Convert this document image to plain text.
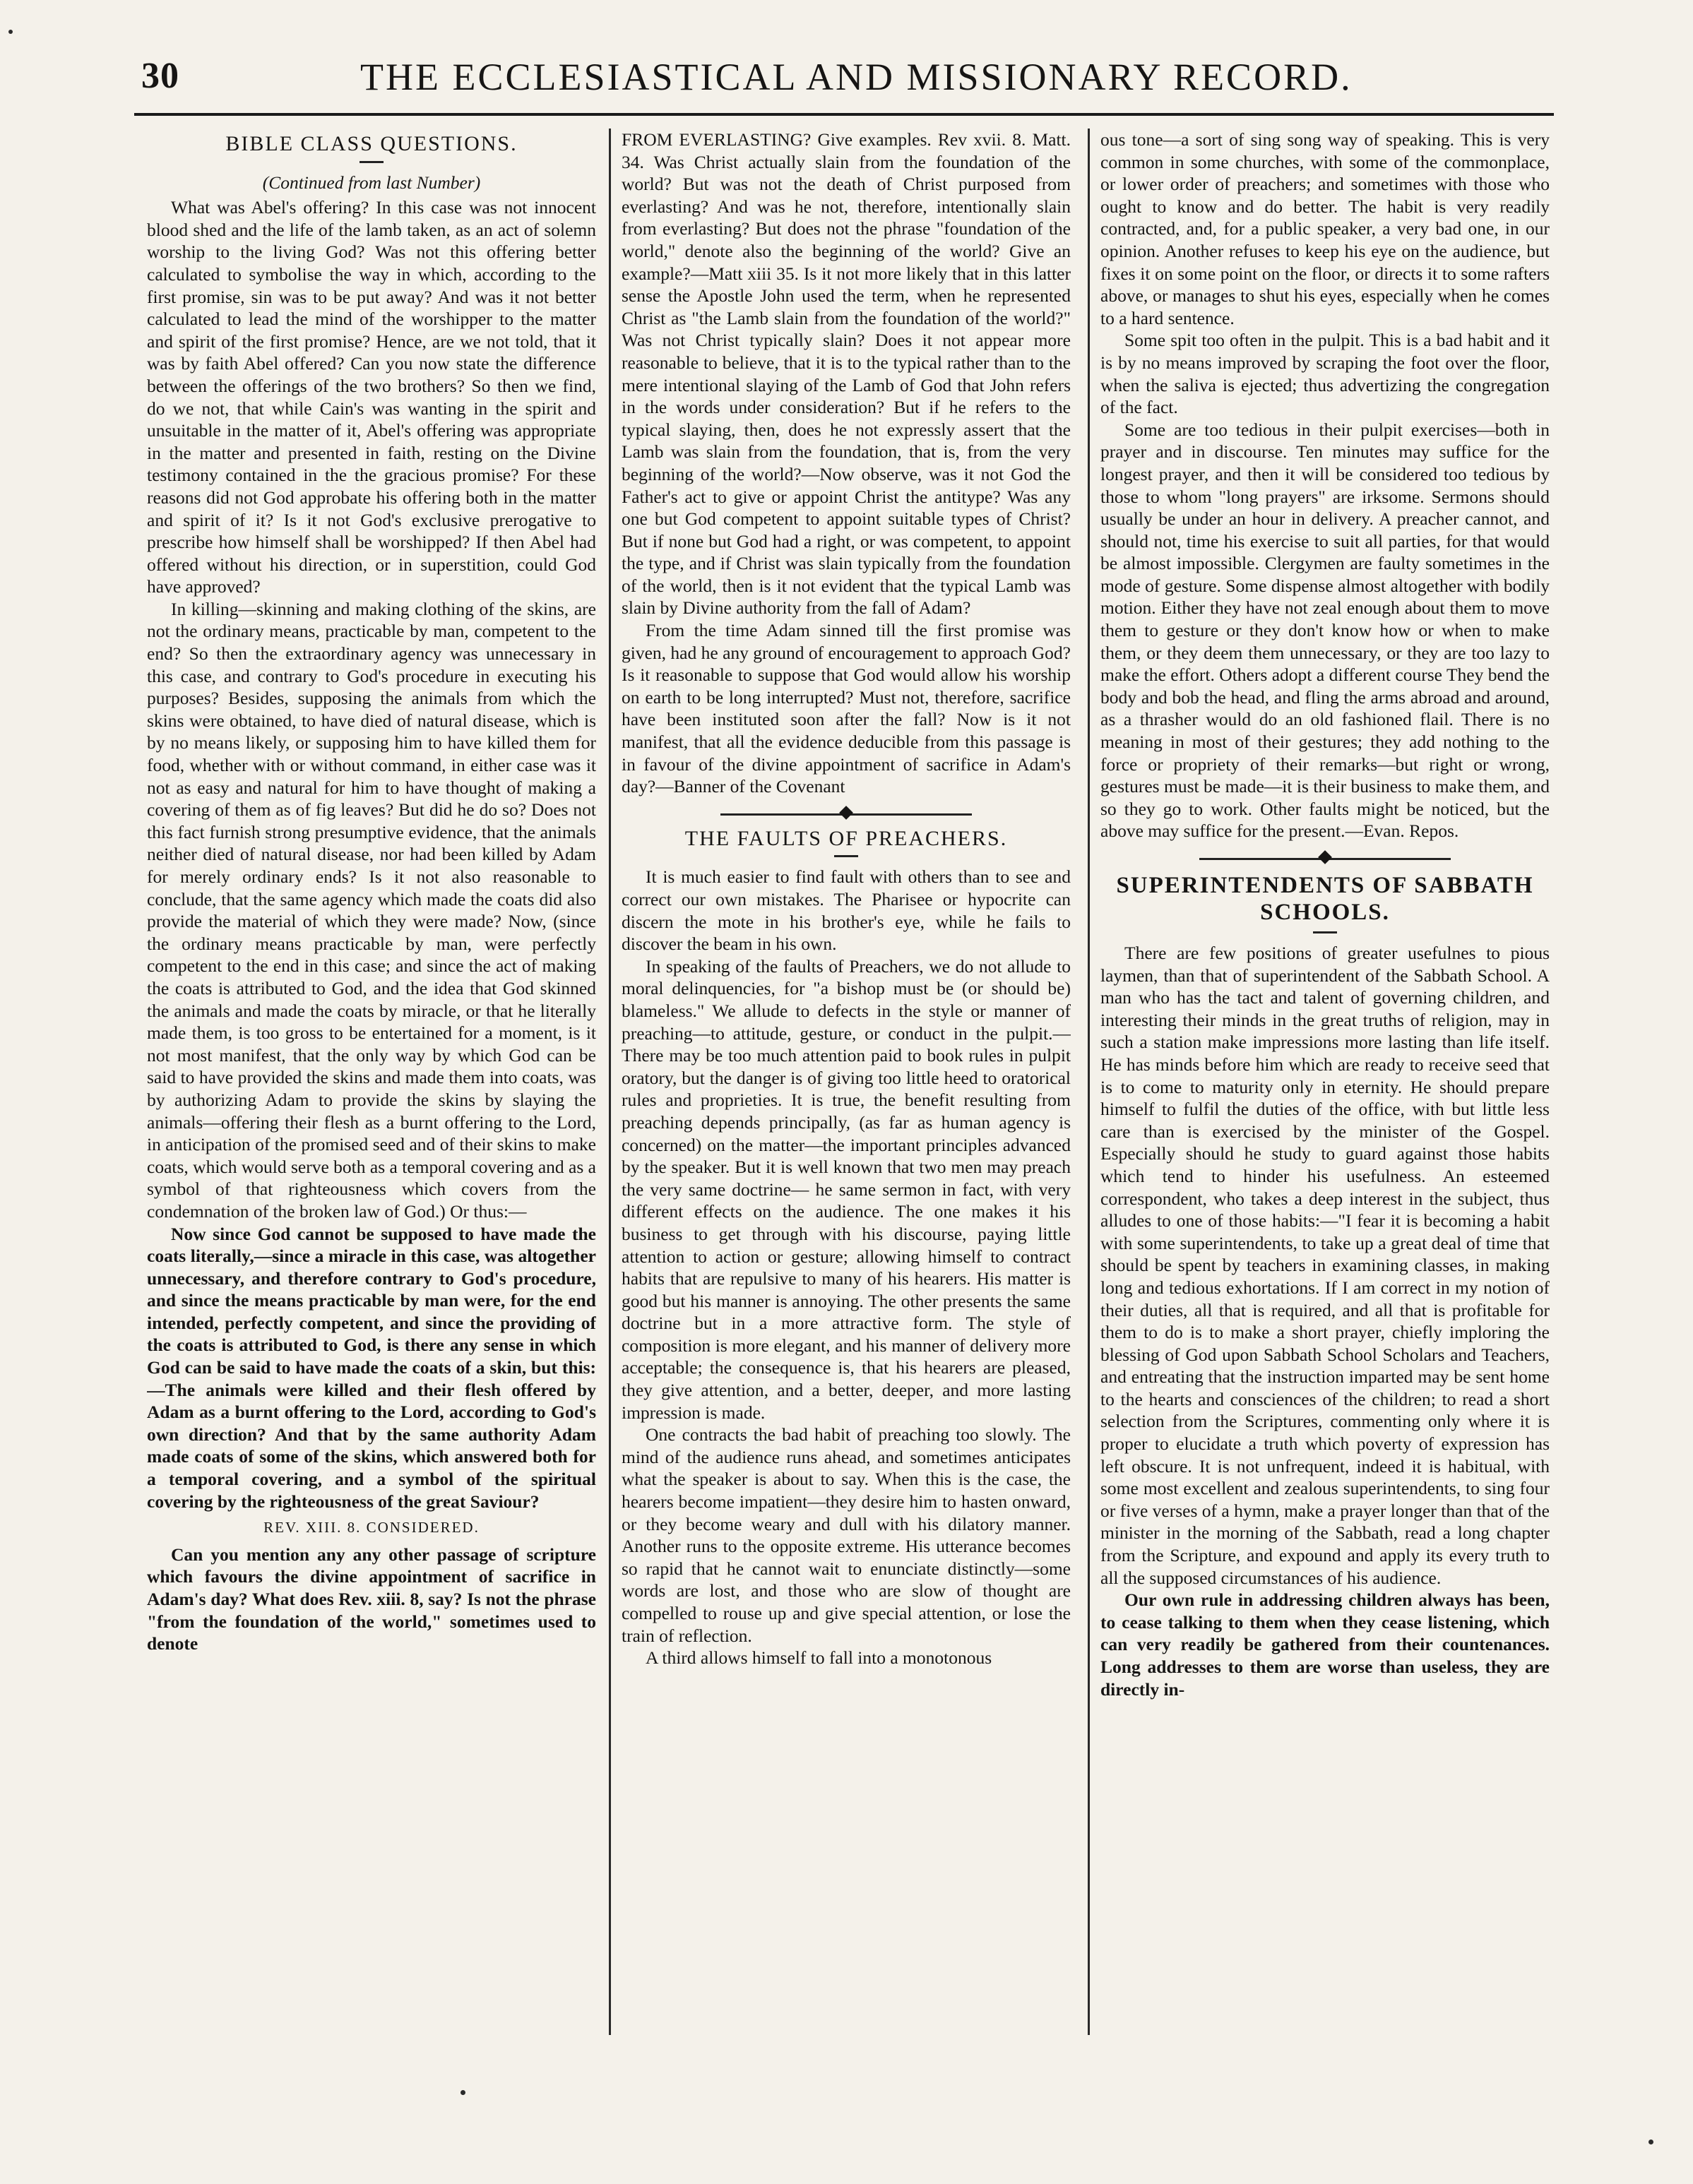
30	THE ECCLESIASTICAL AND MISSIONARY RECORD.
BIBLE CLASS QUESTIONS.
(Continued from last Number)

What was Abel's offering? In this case was not innocent blood shed and the life of the lamb taken, as an act of solemn worship to the living God? Was not this offering better calculated to symbolise the way in which, according to the first promise, sin was to be put away? And was it not better calculated to lead the mind of the worshipper to the matter and spirit of the first promise? Hence, are we not told, that it was by faith Abel offered? Can you now state the difference between the offerings of the two brothers? So then we find, do we not, that while Cain's was wanting in the spirit and unsuitable in the matter of it, Abel's offering was appropriate in the matter and presented in faith, resting on the Divine testimony contained in the the gracious promise? For these reasons did not God approbate his offering both in the matter and spirit of it? Is it not God's exclusive prerogative to prescribe how himself shall be worshipped? If then Abel had offered without his direction, or in superstition, could God have approved?

In killing—skinning and making clothing of the skins, are not the ordinary means, practicable by man, competent to the end? So then the extraordinary agency was unnecessary in this case, and contrary to God's procedure in executing his purposes? Besides, supposing the animals from which the skins were obtained, to have died of natural disease, which is by no means likely, or supposing him to have killed them for food, whether with or without command, in either case was it not as easy and natural for him to have thought of making a covering of them as of fig leaves? But did he do so? Does not this fact furnish strong presumptive evidence, that the animals neither died of natural disease, nor had been killed by Adam for merely ordinary ends? Is it not also reasonable to conclude, that the same agency which made the coats did also provide the material of which they were made? Now, (since the ordinary means practicable by man, were perfectly competent to the end in this case; and since the act of making the coats is attributed to God, and the idea that God skinned the animals and made the coats by miracle, or that he literally made them, is too gross to be entertained for a moment, is it not most manifest, that the only way by which God can be said to have provided the skins and made them into coats, was by authorizing Adam to provide the skins by slaying the animals—offering their flesh as a burnt offering to the Lord, in anticipation of the promised seed and of their skins to make coats, which would serve both as a temporal covering and as a symbol of that righteousness which covers from the condemnation of the broken law of God.) Or thus:—

Now since God cannot be supposed to have made the coats literally,—since a miracle in this case, was altogether unnecessary, and therefore contrary to God's procedure, and since the means practicable by man were, for the end intended, perfectly competent, and since the providing of the coats is attributed to God, is there any sense in which God can be said to have made the coats of a skin, but this:—The animals were killed and their flesh offered by Adam as a burnt offering to the Lord, according to God's own direction? And that by the same authority Adam made coats of some of the skins, which answered both for a temporal covering, and a symbol of the spiritual covering by the righteousness of the great Saviour?

REV. XIII. 8. CONSIDERED.

Can you mention any any other passage of scripture which favours the divine appointment of sacrifice in Adam's day? What does Rev. xiii. 8, say? Is not the phrase "from the foundation of the world," sometimes used to denote

FROM EVERLASTING? Give examples. Rev xvii. 8. Matt. 34. Was Christ actually slain from the foundation of the world? But was not the death of Christ purposed from everlasting? And was he not, therefore, intentionally slain from everlasting? But does not the phrase "foundation of the world," denote also the beginning of the world? Give an example?—Matt xiii 35. Is it not more likely that in this latter sense the Apostle John used the term, when he represented Christ as "the Lamb slain from the foundation of the world?" Was not Christ typically slain? Does it not appear more reasonable to believe, that it is to the typical rather than to the mere intentional slaying of the Lamb of God that John refers in the words under consideration? But if he refers to the typical slaying, then, does he not expressly assert that the Lamb was slain from the foundation, that is, from the very beginning of the world?—Now observe, was it not God the Father's act to give or appoint Christ the antitype? Was any one but God competent to appoint suitable types of Christ? But if none but God had a right, or was competent, to appoint the type, and if Christ was slain typically from the foundation of the world, then is it not evident that the typical Lamb was slain by Divine authority from the fall of Adam?

From the time Adam sinned till the first promise was given, had he any ground of encouragement to approach God? Is it reasonable to suppose that God would allow his worship on earth to be long interrupted? Must not, therefore, sacrifice have been instituted soon after the fall? Now is it not manifest, that all the evidence deducible from this passage is in favour of the divine appointment of sacrifice in Adam's day?—Banner of the Covenant

THE FAULTS OF PREACHERS.

It is much easier to find fault with others than to see and correct our own mistakes. The Pharisee or hypocrite can discern the mote in his brother's eye, while he fails to discover the beam in his own.

In speaking of the faults of Preachers, we do not allude to moral delinquencies, for "a bishop must be (or should be) blameless." We allude to defects in the style or manner of preaching—to attitude, gesture, or conduct in the pulpit.—There may be too much attention paid to book rules in pulpit oratory, but the danger is of giving too little heed to oratorical rules and proprieties. It is true, the benefit resulting from preaching depends principally, (as far as human agency is concerned) on the matter—the important principles advanced by the speaker. But it is well known that two men may preach the very same doctrine— he same sermon in fact, with very different effects on the audience. The one makes it his business to get through with his discourse, paying little attention to action or gesture; allowing himself to contract habits that are repulsive to many of his hearers. His matter is good but his manner is annoying. The other presents the same doctrine but in a more attractive form. The style of composition is more elegant, and his manner of delivery more acceptable; the consequence is, that his hearers are pleased, they give attention, and a better, deeper, and more lasting impression is made.

One contracts the bad habit of preaching too slowly. The mind of the audience runs ahead, and sometimes anticipates what the speaker is about to say. When this is the case, the hearers become impatient—they desire him to hasten onward, or they become weary and dull with his dilatory manner. Another runs to the opposite extreme. His utterance becomes so rapid that he cannot wait to enunciate distinctly—some words are lost, and those who are slow of thought are compelled to rouse up and give special attention, or lose the train of reflection.

A third allows himself to fall into a monotonous

ous tone—a sort of sing song way of speaking. This is very common in some churches, with some of the commonplace, or lower order of preachers; and sometimes with those who ought to know and do better. The habit is very readily contracted, and, for a public speaker, a very bad one, in our opinion. Another refuses to keep his eye on the audience, but fixes it on some point on the floor, or directs it to some rafters above, or manages to shut his eyes, especially when he comes to a hard sentence.

Some spit too often in the pulpit. This is a bad habit and it is by no means improved by scraping the foot over the floor, when the saliva is ejected; thus advertizing the congregation of the fact.

Some are too tedious in their pulpit exercises—both in prayer and in discourse. Ten minutes may suffice for the longest prayer, and then it will be considered too tedious by those to whom "long prayers" are irksome. Sermons should usually be under an hour in delivery. A preacher cannot, and should not, time his exercise to suit all parties, for that would be almost impossible. Clergymen are faulty sometimes in the mode of gesture. Some dispense almost altogether with bodily motion. Either they have not zeal enough about them to move them to gesture or they don't know how or when to make them, or they deem them unnecessary, or they are too lazy to make the effort. Others adopt a different course They bend the body and bob the head, and fling the arms abroad and around, as a thrasher would do an old fashioned flail. There is no meaning in most of their gestures; they add nothing to the force or propriety of their remarks—but right or wrong, gestures must be made—it is their business to make them, and so they go to work. Other faults might be noticed, but the above may suffice for the present.—Evan. Repos.

SUPERINTENDENTS OF SABBATH SCHOOLS.

There are few positions of greater usefulnes to pious laymen, than that of superintendent of the Sabbath School. A man who has the tact and talent of governing children, and interesting their minds in the great truths of religion, may in such a station make impressions more lasting than life itself. He has minds before him which are ready to receive seed that is to come to maturity only in eternity. He should prepare himself to fulfil the duties of the office, with but little less care than is exercised by the minister of the Gospel. Especially should he study to guard against those habits which tend to hinder his usefulness. An esteemed correspondent, who takes a deep interest in the subject, thus alludes to one of those habits:—"I fear it is becoming a habit with some superintendents, to take up a great deal of time that should be spent by teachers in examining classes, in making long and tedious exhortations. If I am correct in my notion of their duties, all that is required, and all that is profitable for them to do is to make a short prayer, chiefly imploring the blessing of God upon Sabbath School Scholars and Teachers, and entreating that the instruction imparted may be sent home to the hearts and consciences of the children; to read a short selection from the Scriptures, commenting only where it is proper to elucidate a truth which poverty of expression has left obscure. It is not unfrequent, indeed it is habitual, with some most excellent and zealous superintendents, to sing four or five verses of a hymn, make a prayer longer than that of the minister in the morning of the Sabbath, read a long chapter from the Scripture, and expound and apply its every truth to all the supposed circumstances of his audience.

Our own rule in addressing children always has been, to cease talking to them when they cease listening, which can very readily be gathered from their countenances. Long addresses to them are worse than useless, they are directly in-
